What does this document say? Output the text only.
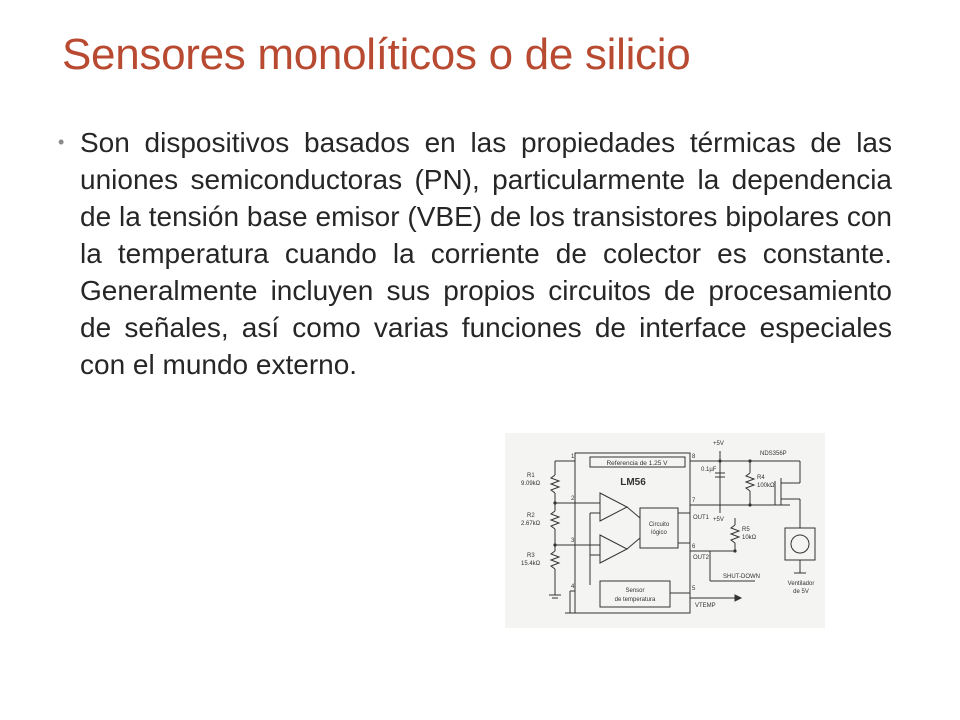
Sensores monolíticos o de silicio
• Son dispositivos basados en las propiedades térmicas de las uniones semiconductoras (PN), particularmente la dependencia de la tensión base emisor (VBE) de los transistores bipolares con la temperatura cuando la corriente de colector es constante. Generalmente incluyen sus propios circuitos de procesamiento de señales, así como varias funciones de interface especiales con el mundo externo.

Referencia de 1.25 V
LM56
Circuito
lógico
Sensor
de temperatura
R1
9.09kΩ
R2
2.67kΩ
R3
15.4kΩ
R4
100kΩ
R5
10kΩ
0.1µF
+5V
+5V
NDS356P
OUT1
OUT2
SHUT-DOWN
VTEMP
Ventilador
de 5V
1
2
3
4	5
6
7
8
